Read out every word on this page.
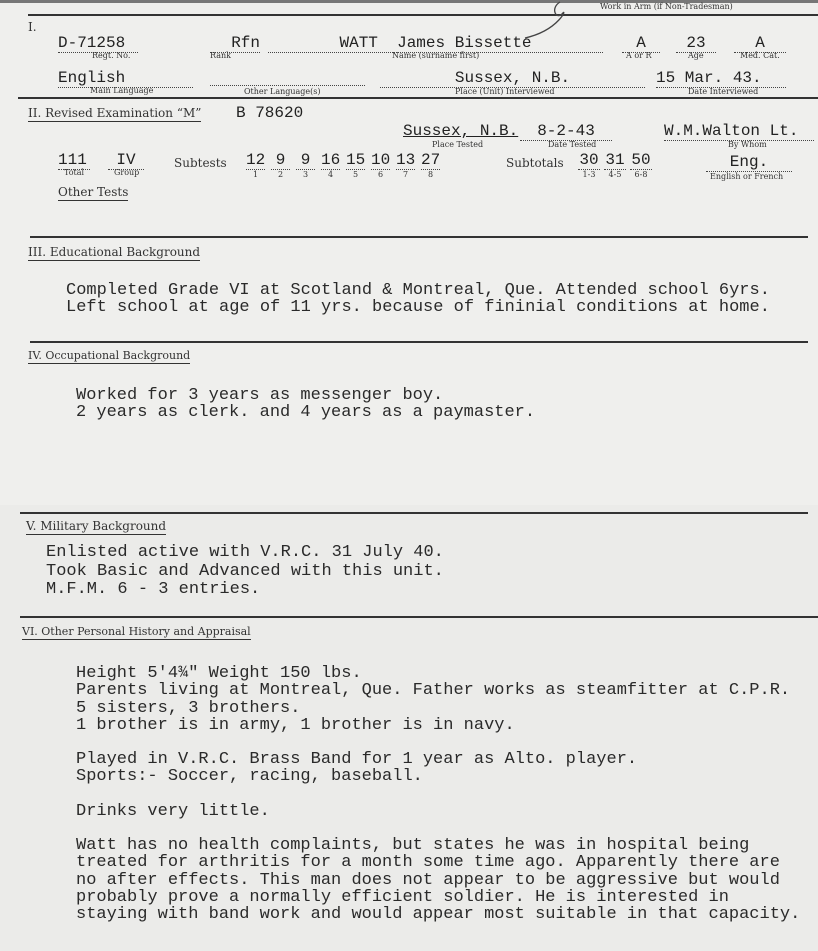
Work in Arm (if Non-Tradesman)
I.
D-71258
Regt. No.
Rfn
Rank
WATT  James Bissette
Name (surname first)
A
A or R
23
Age
A
Med. Cat.
English
Main Language	Other Language(s)
Sussex, N.B.
Place (Unit) Interviewed
15 Mar. 43.
Date Interviewed
II. Revised Examination “M” B 78620
Sussex, N.B.
Place Tested
8-2-43
Date Tested
W.M.Walton Lt.
By Whom
111
Total
IV
Group
Subtests 12
1
9
2
9
3
16
4
15
5
10
6
13
7
27
8
Subtotals 30
1-3
31
4-5
50
6-8
Eng.
English or French
Other Tests
III. Educational Background
Completed Grade VI at Scotland & Montreal, Que. Attended school 6yrs.
Left school at age of 11 yrs. because of fininial conditions at home.
IV. Occupational Background
Worked for 3 years as messenger boy.
2 years as clerk. and 4 years as a paymaster.
V. Military Background
Enlisted active with V.R.C. 31 July 40.
Took Basic and Advanced with this unit.
M.F.M. 6 - 3 entries.
VI. Other Personal History and Appraisal
Height 5'4¾" Weight 150 lbs.
Parents living at Montreal, Que. Father works as steamfitter at C.P.R.
5 sisters, 3 brothers.
1 brother is in army, 1 brother is in navy.
Played in V.R.C. Brass Band for 1 year as Alto. player.
Sports:- Soccer, racing, baseball.
Drinks very little.
Watt has no health complaints, but states he was in hospital being
treated for arthritis for a month some time ago. Apparently there are
no after effects. This man does not appear to be aggressive but would
probably prove a normally efficient soldier. He is interested in
staying with band work and would appear most suitable in that capacity.
